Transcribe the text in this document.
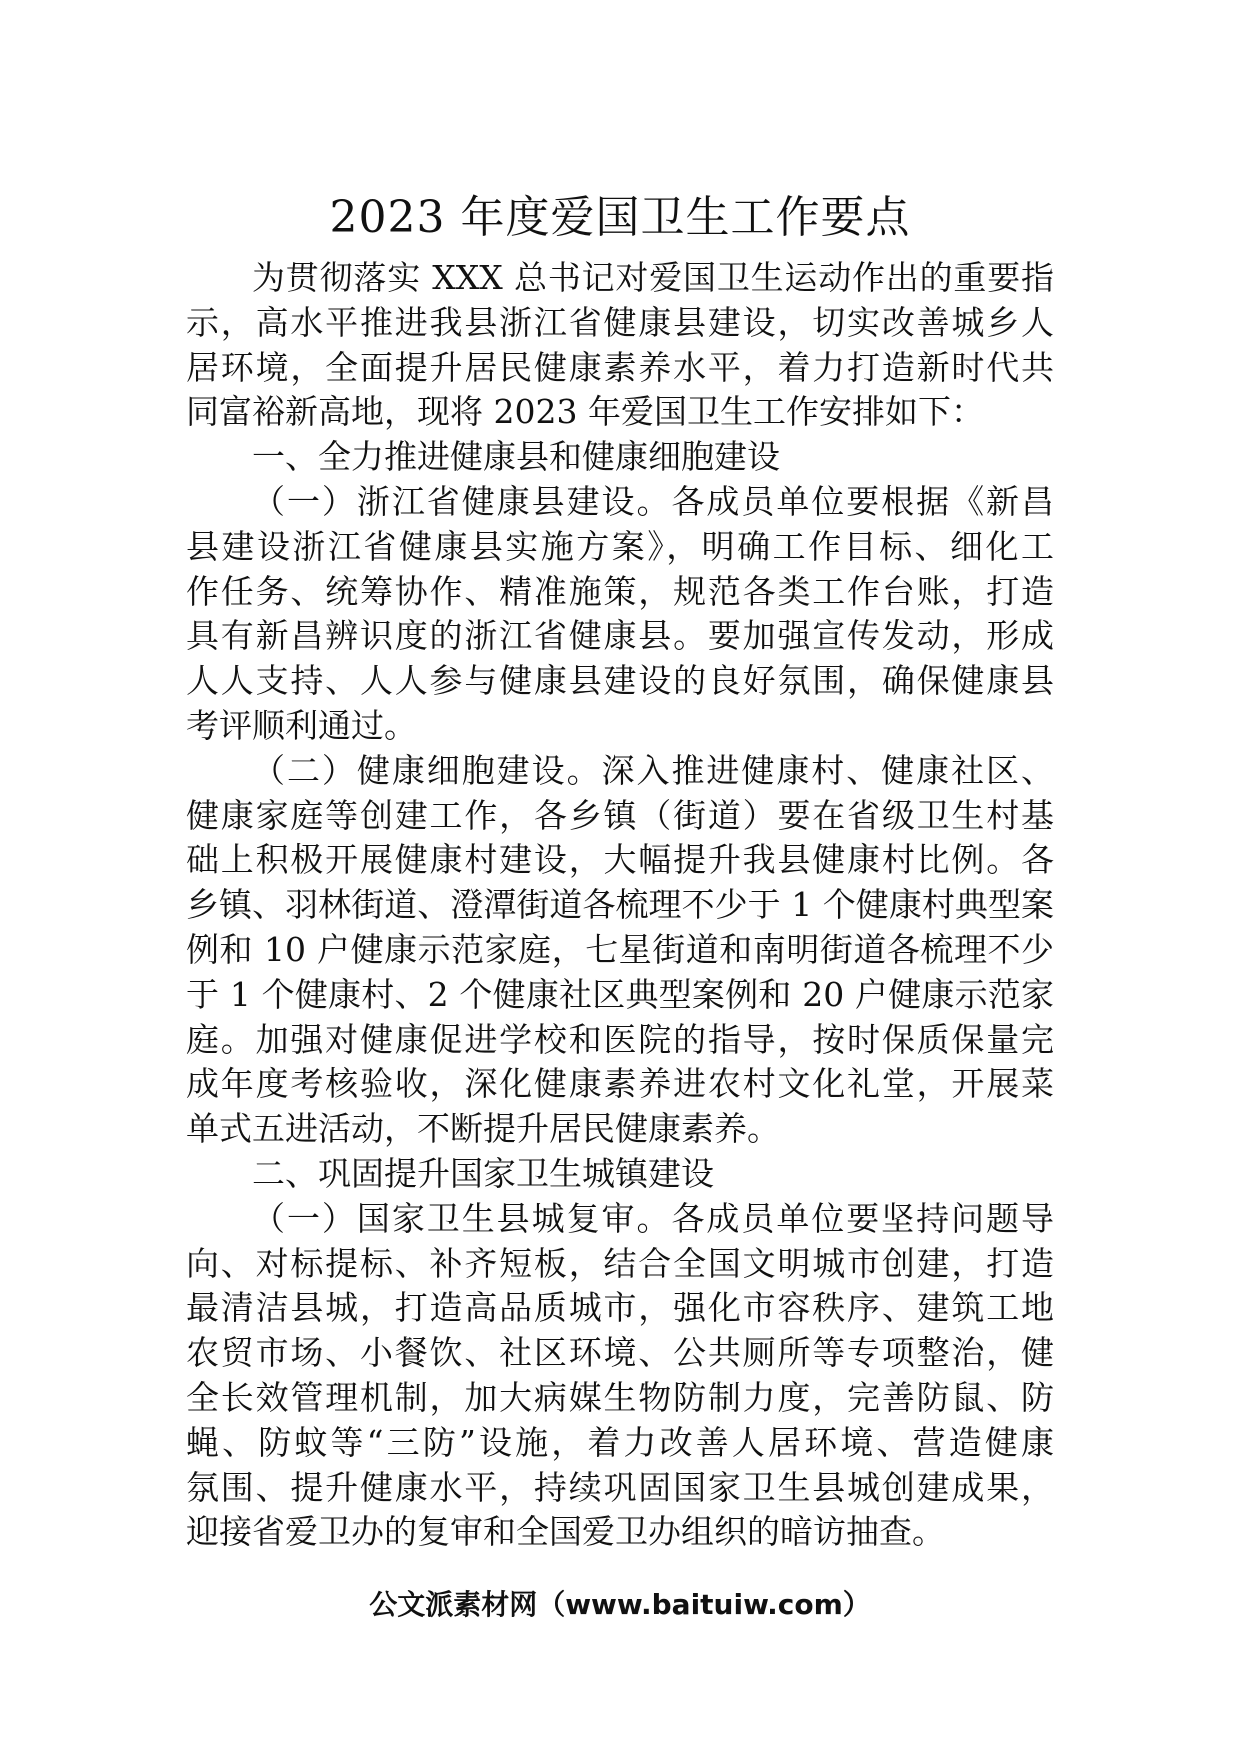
2023 年度爱国卫生工作要点
为贯彻落实 XXX 总书记对爱国卫生运动作出的重要指
示，高水平推进我县浙江省健康县建设，切实改善城乡人
居环境，全面提升居民健康素养水平，着力打造新时代共
同富裕新高地，现将 2023 年爱国卫生工作安排如下：
一、全力推进健康县和健康细胞建设
（一）浙江省健康县建设。各成员单位要根据《新昌
县建设浙江省健康县实施方案》，明确工作目标、细化工
作任务、统筹协作、精准施策，规范各类工作台账，打造
具有新昌辨识度的浙江省健康县。要加强宣传发动，形成
人人支持、人人参与健康县建设的良好氛围，确保健康县
考评顺利通过。
（二）健康细胞建设。深入推进健康村、健康社区、
健康家庭等创建工作，各乡镇（街道）要在省级卫生村基
础上积极开展健康村建设，大幅提升我县健康村比例。各
乡镇、羽林街道、澄潭街道各梳理不少于 1 个健康村典型案
例和 10 户健康示范家庭，七星街道和南明街道各梳理不少
于 1 个健康村、2 个健康社区典型案例和 20 户健康示范家
庭。加强对健康促进学校和医院的指导，按时保质保量完
成年度考核验收，深化健康素养进农村文化礼堂，开展菜
单式五进活动，不断提升居民健康素养。
二、巩固提升国家卫生城镇建设
（一）国家卫生县城复审。各成员单位要坚持问题导
向、对标提标、补齐短板，结合全国文明城市创建，打造
最清洁县城，打造高品质城市，强化市容秩序、建筑工地
农贸市场、小餐饮、社区环境、公共厕所等专项整治，健
全长效管理机制，加大病媒生物防制力度，完善防鼠、防
蝇、防蚊等“三防”设施，着力改善人居环境、营造健康
氛围、提升健康水平，持续巩固国家卫生县城创建成果，
迎接省爱卫办的复审和全国爱卫办组织的暗访抽查。
公文派素材网（www.baituiw.com）
